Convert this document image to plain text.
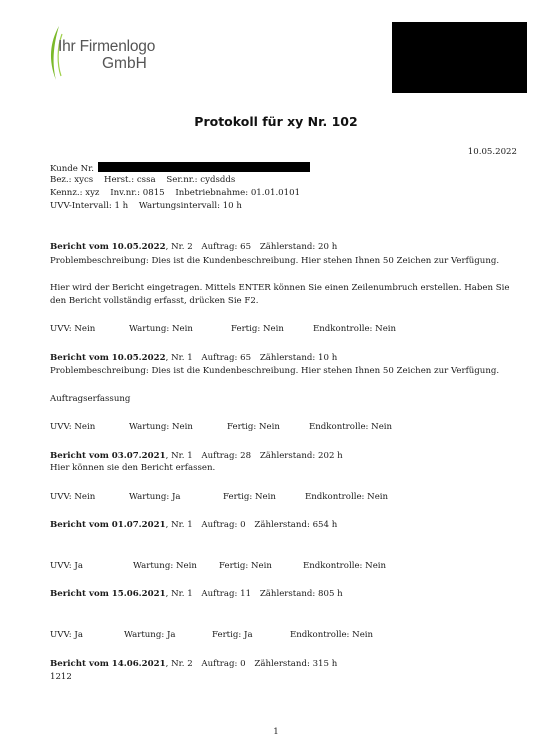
Ihr Firmenlogo
GmbH
Protokoll für xy Nr. 102
10.05.2022
Kunde Nr.
Bez.: xycs Herst.: cssa Ser.nr.: cydsdds
Kennz.: xyz Inv.nr.: 0815 Inbetriebnahme: 01.01.0101
UVV-Intervall: 1 h Wartungsintervall: 10 h
Bericht vom 10.05.2022, Nr. 2 Auftrag: 65 Zählerstand: 20 h
Problembeschreibung: Dies ist die Kundenbeschreibung. Hier stehen Ihnen 50 Zeichen zur Verfügung.
Hier wird der Bericht eingetragen. Mittels ENTER können Sie einen Zeilenumbruch erstellen. Haben Sie
den Bericht vollständig erfasst, drücken Sie F2.
UVV: Nein	Wartung: Nein	Fertig: Nein	Endkontrolle: Nein
Bericht vom 10.05.2022, Nr. 1 Auftrag: 65 Zählerstand: 10 h
Problembeschreibung: Dies ist die Kundenbeschreibung. Hier stehen Ihnen 50 Zeichen zur Verfügung.
Auftragserfassung
UVV: Nein	Wartung: Nein	Fertig: Nein	Endkontrolle: Nein
Bericht vom 03.07.2021, Nr. 1 Auftrag: 28 Zählerstand: 202 h
Hier können sie den Bericht erfassen.
UVV: Nein	Wartung: Ja	Fertig: Nein	Endkontrolle: Nein
Bericht vom 01.07.2021, Nr. 1 Auftrag: 0 Zählerstand: 654 h
UVV: Ja	Wartung: Nein	Fertig: Nein	Endkontrolle: Nein
Bericht vom 15.06.2021, Nr. 1 Auftrag: 11 Zählerstand: 805 h
UVV: Ja	Wartung: Ja	Fertig: Ja	Endkontrolle: Nein
Bericht vom 14.06.2021, Nr. 2 Auftrag: 0 Zählerstand: 315 h
1212
1
